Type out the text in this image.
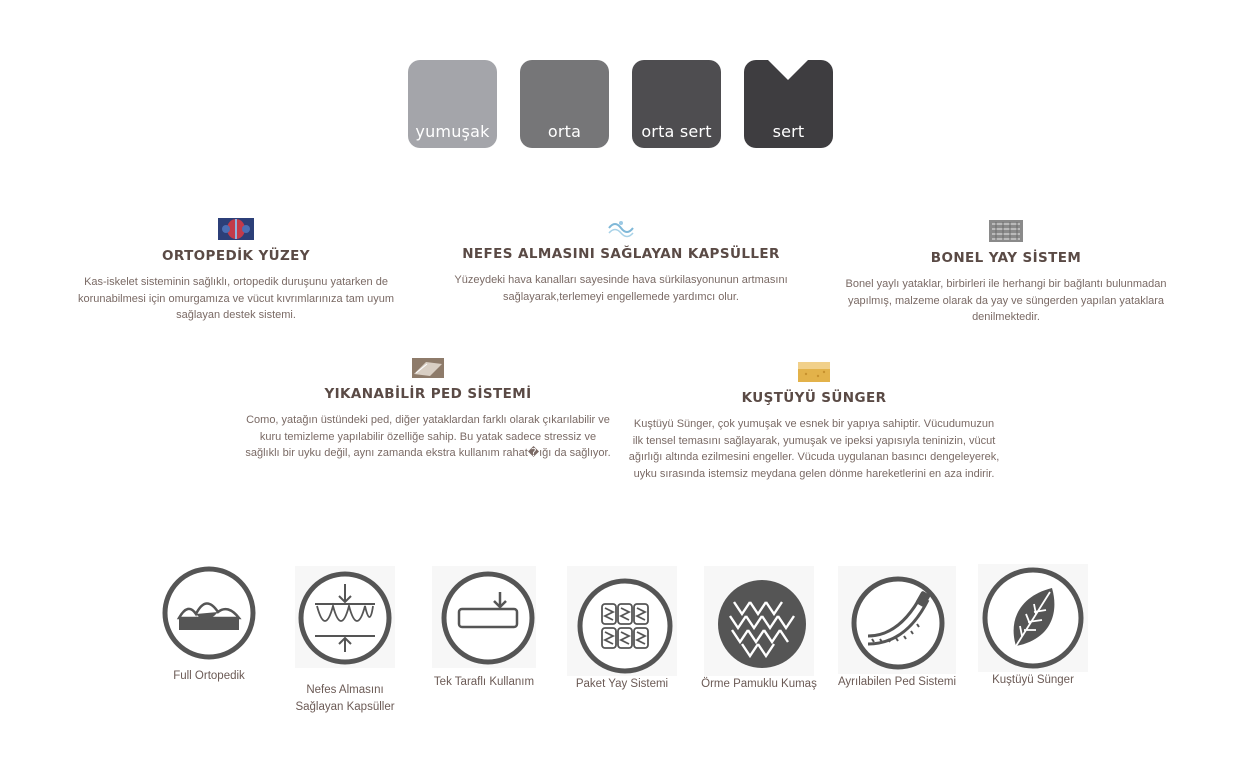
yumuşak	orta	orta sert	sert
ORTOPEDİK YÜZEY

Kas-iskelet sisteminin sağlıklı, ortopedik duruşunu yatarken de korunabilmesi için omurgamıza ve vücut kıvrımlarınıza tam uyum sağlayan destek sistemi.

NEFES ALMASINI SAĞLAYAN KAPSÜLLER

Yüzeydeki hava kanalları sayesinde hava sürkilasyonunun artmasını sağlayarak,terlemeyi engellemede yardımcı olur.

BONEL YAY SİSTEM

Bonel yaylı yataklar, birbirleri ile herhangi bir bağlantı bulunmadan yapılmış, malzeme olarak da yay ve süngerden yapılan yataklara denilmektedir.

YIKANABİLİR PED SİSTEMİ

Como, yatağın üstündeki ped, diğer yataklardan farklı olarak çıkarılabilir ve kuru temizleme yapılabilir özelliğe sahip. Bu yatak sadece stressiz ve sağlıklı bir uyku değil, aynı zamanda ekstra kullanım rahat�ığı da sağlıyor.

KUŞTÜYÜ SÜNGER

Kuştüyü Sünger, çok yumuşak ve esnek bir yapıya sahiptir. Vücudumuzun ilk tensel temasını sağlayarak, yumuşak ve ipeksi yapısıyla teninizin, vücut ağırlığı altında ezilmesini engeller. Vücuda uygulanan basıncı dengeleyerek, uyku sırasında istemsiz meydana gelen dönme hareketlerini en aza indirir.

Full Ortopedik
Nefes Almasını Sağlayan Kapsüller
Tek Taraflı Kullanım	Paket Yay Sistemi	Örme Pamuklu Kumaş Ayrılabilen Ped Sistemi	Kuştüyü Sünger
